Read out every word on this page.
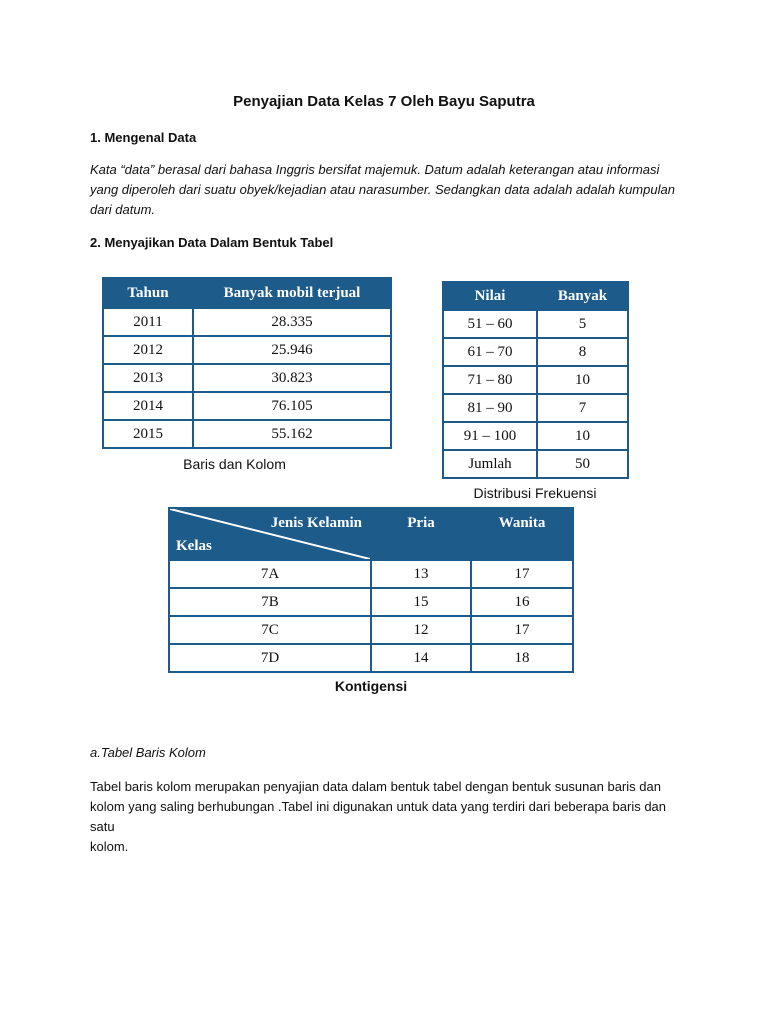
Penyajian Data Kelas 7 Oleh Bayu Saputra
1. Mengenal Data
Kata “data” berasal dari bahasa Inggris bersifat majemuk. Datum adalah keterangan atau informasi
yang diperoleh dari suatu obyek/kejadian atau narasumber. Sedangkan data adalah adalah kumpulan
dari datum.
2. Menyajikan Data Dalam Bentuk Tabel
Tahun	Banyak mobil terjual
2011	28.335
2012	25.946
2013	30.823
2014	76.105
2015	55.162
Baris dan Kolom
Nilai	Banyak
51 – 60	5
61 – 70	8
71 – 80	10
81 – 90	7
91 – 100	10
Jumlah	50
Distribusi Frekuensi
Jenis Kelamin
Kelas	Pria	Wanita
7A	13	17
7B	15	16
7C	12	17
7D	14	18
Kontigensi
a.Tabel Baris Kolom
Tabel baris kolom merupakan penyajian data dalam bentuk tabel dengan bentuk susunan baris dan
kolom yang saling berhubungan .Tabel ini digunakan untuk data yang terdiri dari beberapa baris dan satu
kolom.
